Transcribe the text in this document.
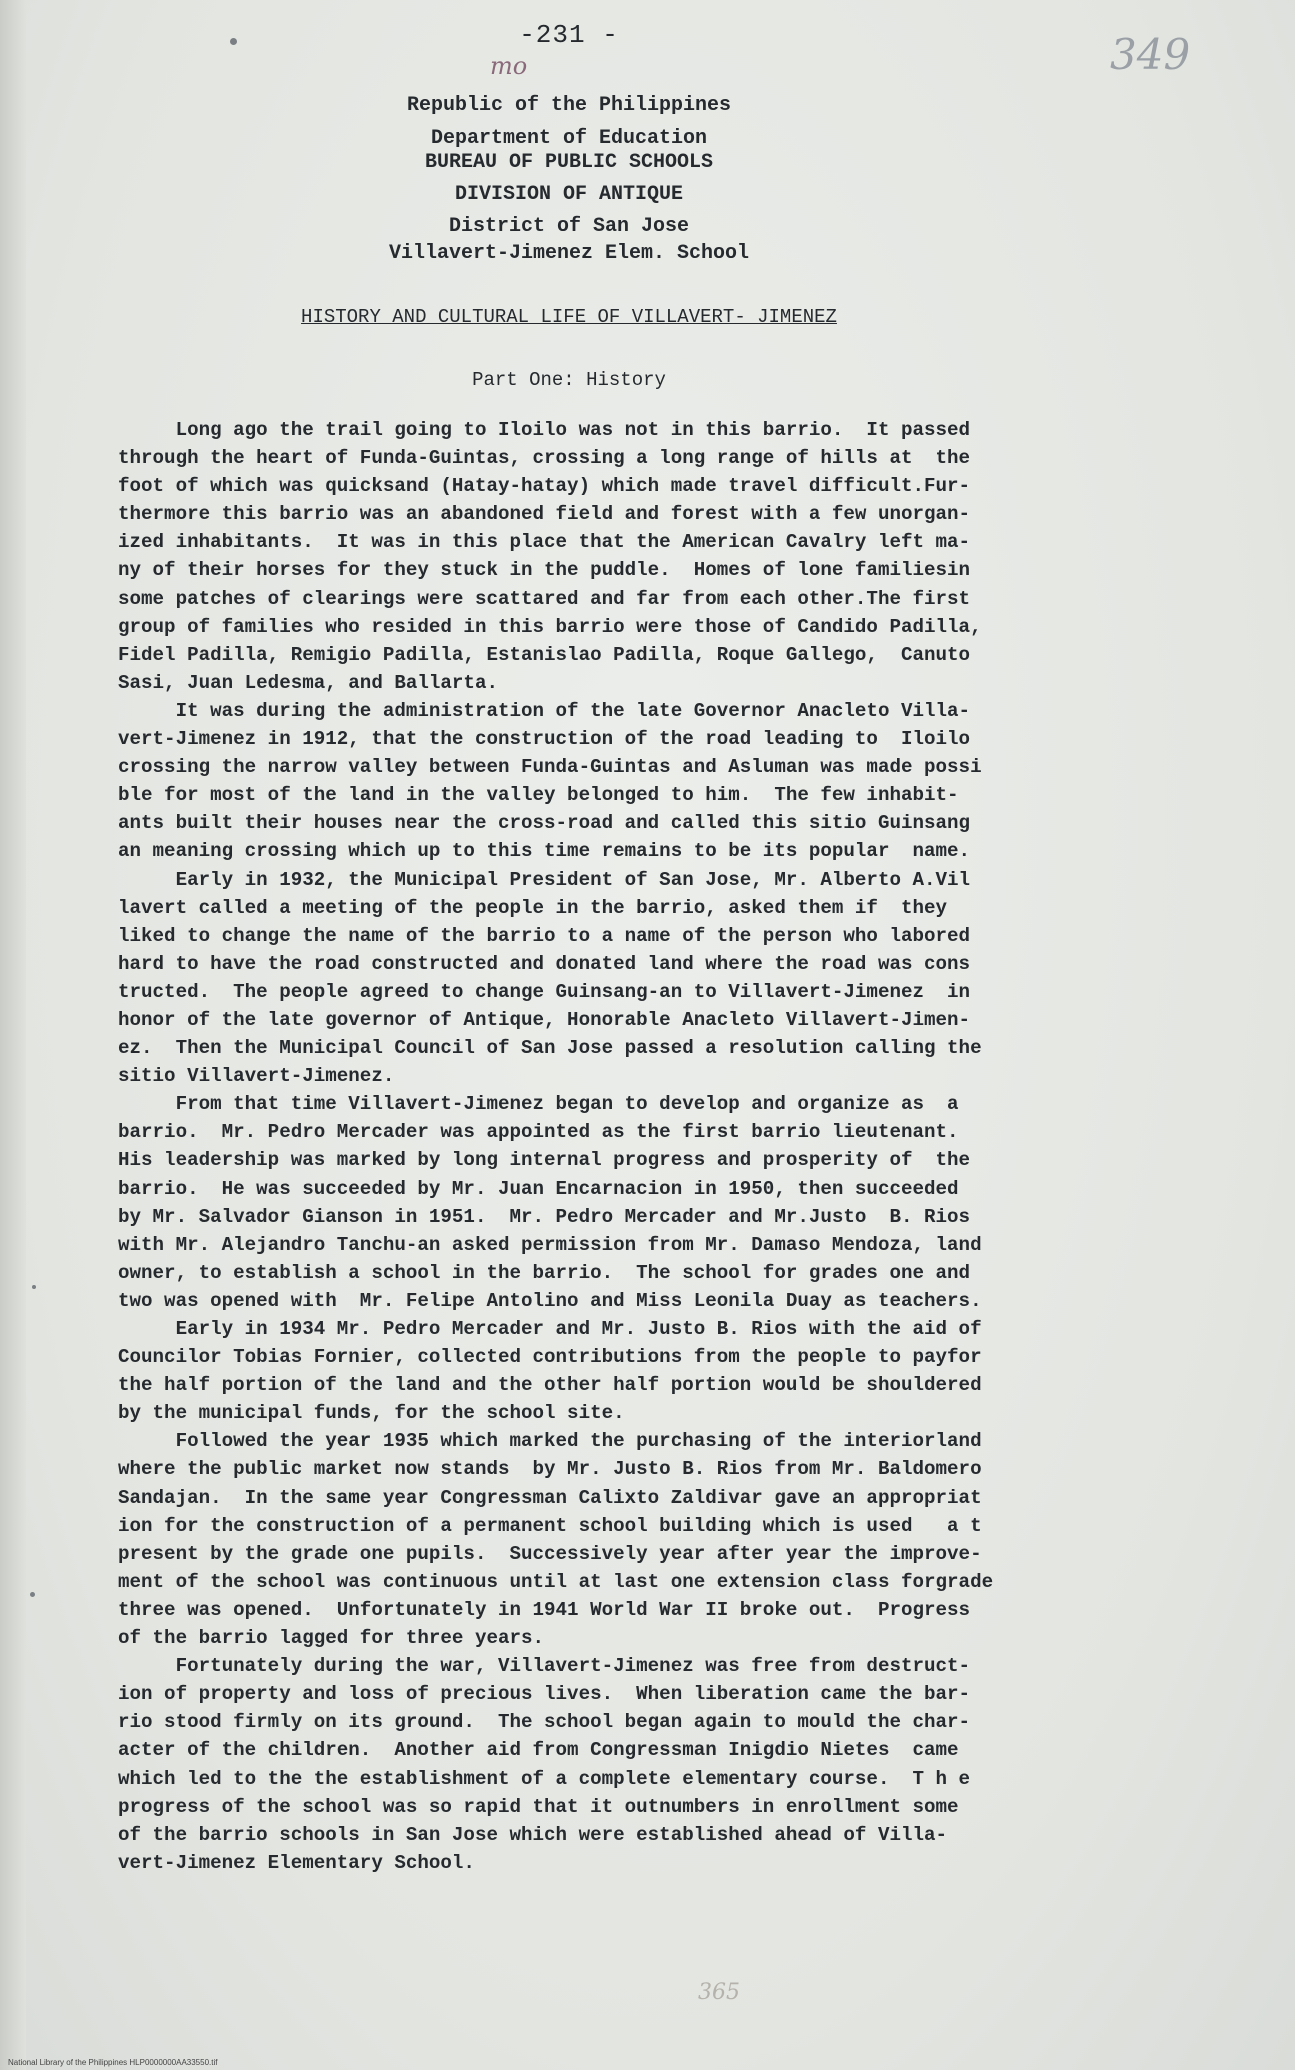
-231 -
mo	349
Republic of the Philippines
Department of Education
BUREAU OF PUBLIC SCHOOLS
DIVISION OF ANTIQUE
District of San Jose
Villavert-Jimenez Elem. School
HISTORY AND CULTURAL LIFE OF VILLAVERT- JIMENEZ
Part One: History
Long ago the trail going to Iloilo was not in this barrio.  It passed
through the heart of Funda-Guintas, crossing a long range of hills at  the
foot of which was quicksand (Hatay-hatay) which made travel difficult.Fur-
thermore this barrio was an abandoned field and forest with a few unorgan-
ized inhabitants.  It was in this place that the American Cavalry left ma-
ny of their horses for they stuck in the puddle.  Homes of lone familiesin
some patches of clearings were scattared and far from each other.The first
group of families who resided in this barrio were those of Candido Padilla,
Fidel Padilla, Remigio Padilla, Estanislao Padilla, Roque Gallego,  Canuto
Sasi, Juan Ledesma, and Ballarta.
It was during the administration of the late Governor Anacleto Villa-
vert-Jimenez in 1912, that the construction of the road leading to  Iloilo
crossing the narrow valley between Funda-Guintas and Asluman was made possi
ble for most of the land in the valley belonged to him.  The few inhabit-
ants built their houses near the cross-road and called this sitio Guinsang
an meaning crossing which up to this time remains to be its popular  name.
Early in 1932, the Municipal President of San Jose, Mr. Alberto A.Vil
lavert called a meeting of the people in the barrio, asked them if  they
liked to change the name of the barrio to a name of the person who labored
hard to have the road constructed and donated land where the road was cons
tructed.  The people agreed to change Guinsang-an to Villavert-Jimenez  in
honor of the late governor of Antique, Honorable Anacleto Villavert-Jimen-
ez.  Then the Municipal Council of San Jose passed a resolution calling the
sitio Villavert-Jimenez.
From that time Villavert-Jimenez began to develop and organize as  a
barrio.  Mr. Pedro Mercader was appointed as the first barrio lieutenant.
His leadership was marked by long internal progress and prosperity of  the
barrio.  He was succeeded by Mr. Juan Encarnacion in 1950, then succeeded
by Mr. Salvador Gianson in 1951.  Mr. Pedro Mercader and Mr.Justo  B. Rios
with Mr. Alejandro Tanchu-an asked permission from Mr. Damaso Mendoza, land
owner, to establish a school in the barrio.  The school for grades one and
two was opened with  Mr. Felipe Antolino and Miss Leonila Duay as teachers.
Early in 1934 Mr. Pedro Mercader and Mr. Justo B. Rios with the aid of
Councilor Tobias Fornier, collected contributions from the people to payfor
the half portion of the land and the other half portion would be shouldered
by the municipal funds, for the school site.
Followed the year 1935 which marked the purchasing of the interiorland
where the public market now stands  by Mr. Justo B. Rios from Mr. Baldomero
Sandajan.  In the same year Congressman Calixto Zaldivar gave an appropriat
ion for the construction of a permanent school building which is used   a t
present by the grade one pupils.  Successively year after year the improve-
ment of the school was continuous until at last one extension class forgrade
three was opened.  Unfortunately in 1941 World War II broke out.  Progress
of the barrio lagged for three years.
Fortunately during the war, Villavert-Jimenez was free from destruct-
ion of property and loss of precious lives.  When liberation came the bar-
rio stood firmly on its ground.  The school began again to mould the char-
acter of the children.  Another aid from Congressman Inigdio Nietes  came
which led to the the establishment of a complete elementary course.  T h e
progress of the school was so rapid that it outnumbers in enrollment some
of the barrio schools in San Jose which were established ahead of Villa-
vert-Jimenez Elementary School.
365
National Library of the Philippines HLP0000000AA33550.tif
